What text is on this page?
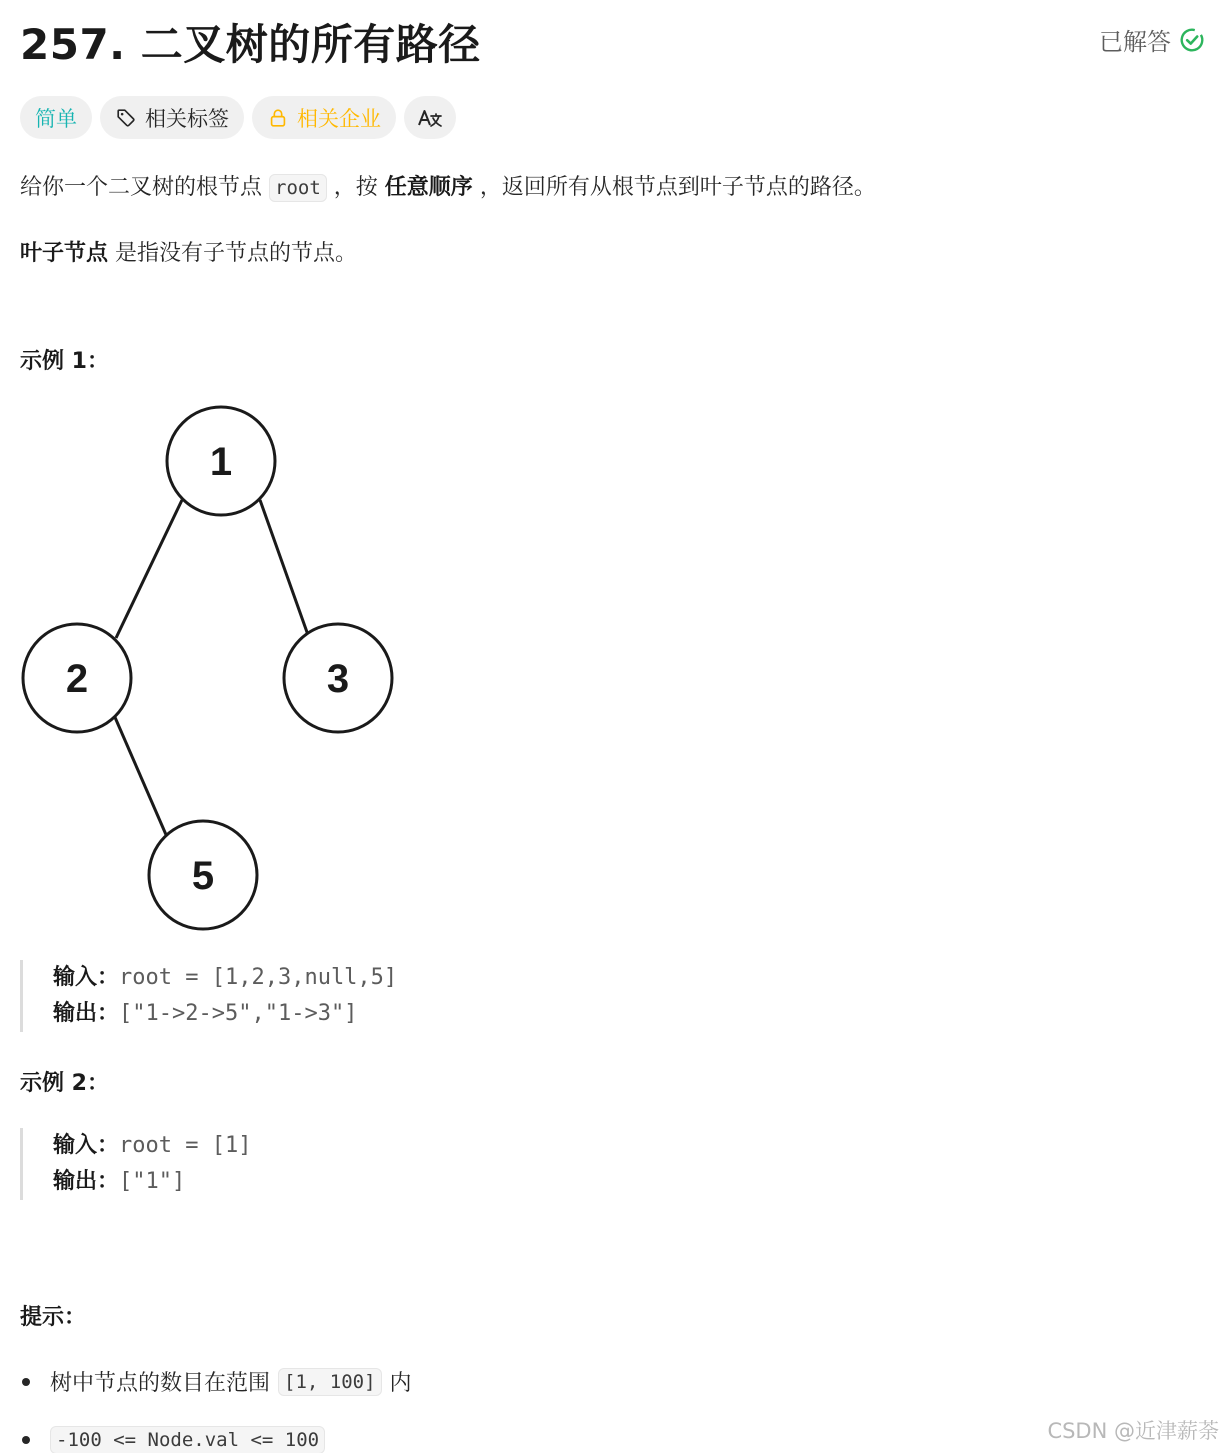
257. 二叉树的所有路径	已解答
简单	相关标签	相关企业
给你一个二叉树的根节点 root ，按 任意顺序 ，返回所有从根节点到叶子节点的路径。
叶子节点 是指没有子节点的节点。
示例 1：
1
2	3
5
输入：root = [1,2,3,null,5]
输出：["1->2->5","1->3"]
示例 2：
输入：root = [1]
输出：["1"]
提示：
树中节点的数目在范围 [1, 100] 内
-100 <= Node.val <= 100	CSDN @近津薪荼
